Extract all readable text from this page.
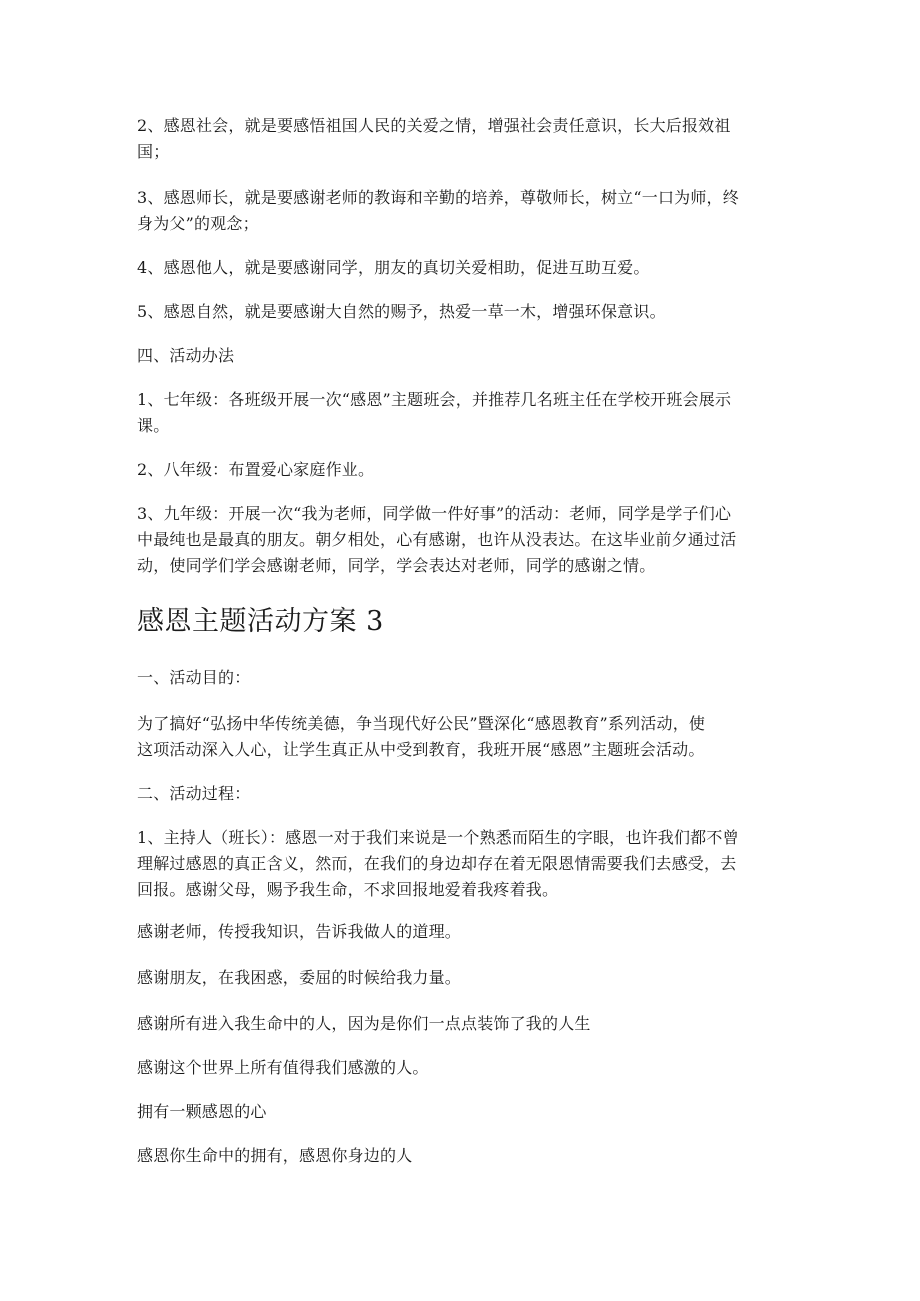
2、感恩社会，就是要感悟祖国人民的关爱之情，增强社会责任意识，长大后报效祖
国；
3、感恩师长，就是要感谢老师的教诲和辛勤的培养，尊敬师长，树立“一口为师，终
身为父”的观念；
4、感恩他人，就是要感谢同学，朋友的真切关爱相助，促进互助互爱。
5、感恩自然，就是要感谢大自然的赐予，热爱一草一木，增强环保意识。
四、活动办法
1、七年级：各班级开展一次“感恩”主题班会，并推荐几名班主任在学校开班会展示
课。
2、八年级：布置爱心家庭作业。
3、九年级：开展一次“我为老师，同学做一件好事”的活动：老师，同学是学子们心
中最纯也是最真的朋友。朝夕相处，心有感谢，也许从没表达。在这毕业前夕通过活
动，使同学们学会感谢老师，同学，学会表达对老师，同学的感谢之情。
感恩主题活动方案 3
一、活动目的：
为了搞好“弘扬中华传统美德，争当现代好公民”暨深化“感恩教育”系列活动，使
这项活动深入人心，让学生真正从中受到教育，我班开展“感恩”主题班会活动。
二、活动过程：
1、主持人（班长）：感恩一对于我们来说是一个熟悉而陌生的字眼，也许我们都不曾
理解过感恩的真正含义，然而，在我们的身边却存在着无限恩情需要我们去感受，去
回报。感谢父母，赐予我生命，不求回报地爱着我疼着我。
感谢老师，传授我知识，告诉我做人的道理。
感谢朋友，在我困惑，委屈的时候给我力量。
感谢所有进入我生命中的人，因为是你们一点点装饰了我的人生
感谢这个世界上所有值得我们感激的人。
拥有一颗感恩的心
感恩你生命中的拥有，感恩你身边的人
